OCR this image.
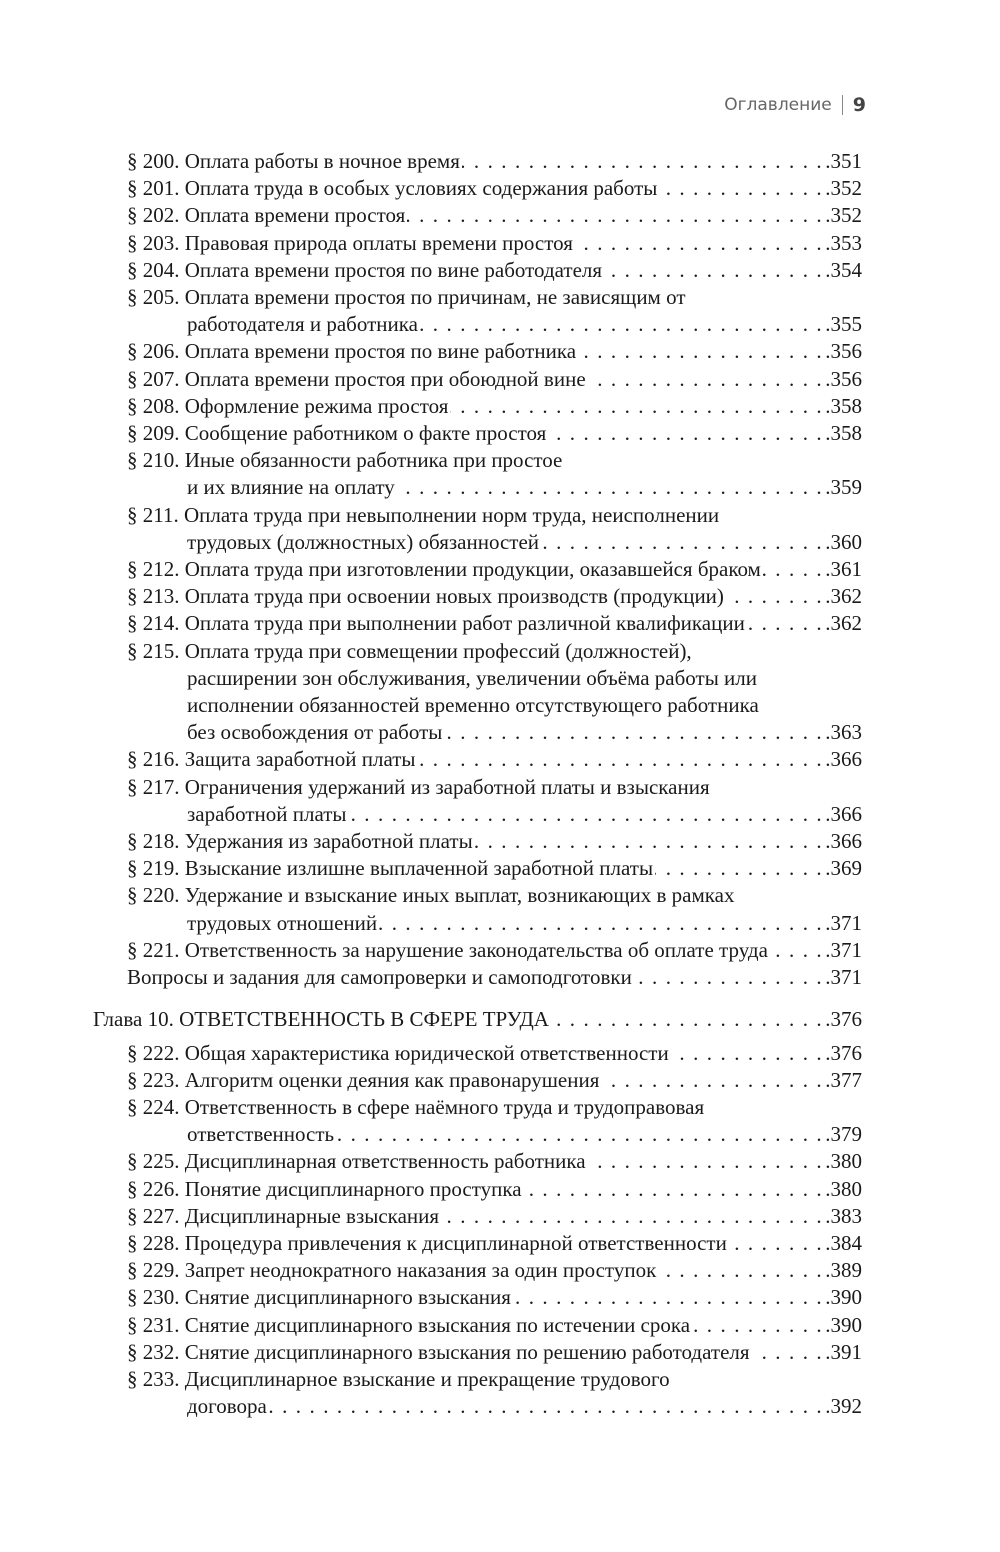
Оглавление 9
§ 200. Оплата работы в ночное время . . .	.351
§ 201. Оплата труда в особых условиях содержания работы . . .	.352
§ 202. Оплата времени простоя . . .	.352
§ 203. Правовая природа оплаты времени простоя . . .	.353
§ 204. Оплата времени простоя по вине работодателя . . .	.354
§ 205. Оплата времени простоя по причинам, не зависящим от
работодателя и работника . . .	.355
§ 206. Оплата времени простоя по вине работника . . .	.356
§ 207. Оплата времени простоя при обоюдной вине . . .	.356
§ 208. Оформление режима простоя . . .	.358
§ 209. Сообщение работником о факте простоя . . .	.358
§ 210. Иные обязанности работника при простое
и их влияние на оплату . . .	.359
§ 211. Оплата труда при невыполнении норм труда, неисполнении
трудовых (должностных) обязанностей . . .	.360
§ 212. Оплата труда при изготовлении продукции, оказавшейся браком . . .	.361
§ 213. Оплата труда при освоении новых производств (продукции) . . .	.362
§ 214. Оплата труда при выполнении работ различной квалификации . . .	.362
§ 215. Оплата труда при совмещении профессий (должностей),
расширении зон обслуживания, увеличении объёма работы или
исполнении обязанностей временно отсутствующего работника
без освобождения от работы . . .	.363
§ 216. Защита заработной платы . . .	.366
§ 217. Ограничения удержаний из заработной платы и взыскания
заработной платы . . .	.366
§ 218. Удержания из заработной платы . . .	.366
§ 219. Взыскание излишне выплаченной заработной платы . . .	.369
§ 220. Удержание и взыскание иных выплат, возникающих в рамках
трудовых отношений . . .	.371
§ 221. Ответственность за нарушение законодательства об оплате труда . . .	.371
Вопросы и задания для самопроверки и самоподготовки . . .	.371
Глава 10. ОТВЕТСТВЕННОСТЬ В СФЕРЕ ТРУДА . . .	.376
§ 222. Общая характеристика юридической ответственности . . .	.376
§ 223. Алгоритм оценки деяния как правонарушения . . .	.377
§ 224. Ответственность в сфере наёмного труда и трудоправовая
ответственность . . .	.379
§ 225. Дисциплинарная ответственность работника . . .	.380
§ 226. Понятие дисциплинарного проступка . . .	.380
§ 227. Дисциплинарные взыскания . . .	.383
§ 228. Процедура привлечения к дисциплинарной ответственности . . .	.384
§ 229. Запрет неоднократного наказания за один проступок . . .	.389
§ 230. Снятие дисциплинарного взыскания . . .	.390
§ 231. Снятие дисциплинарного взыскания по истечении срока . . .	.390
§ 232. Снятие дисциплинарного взыскания по решению работодателя . . .	.391
§ 233. Дисциплинарное взыскание и прекращение трудового
договора . . .	.392
